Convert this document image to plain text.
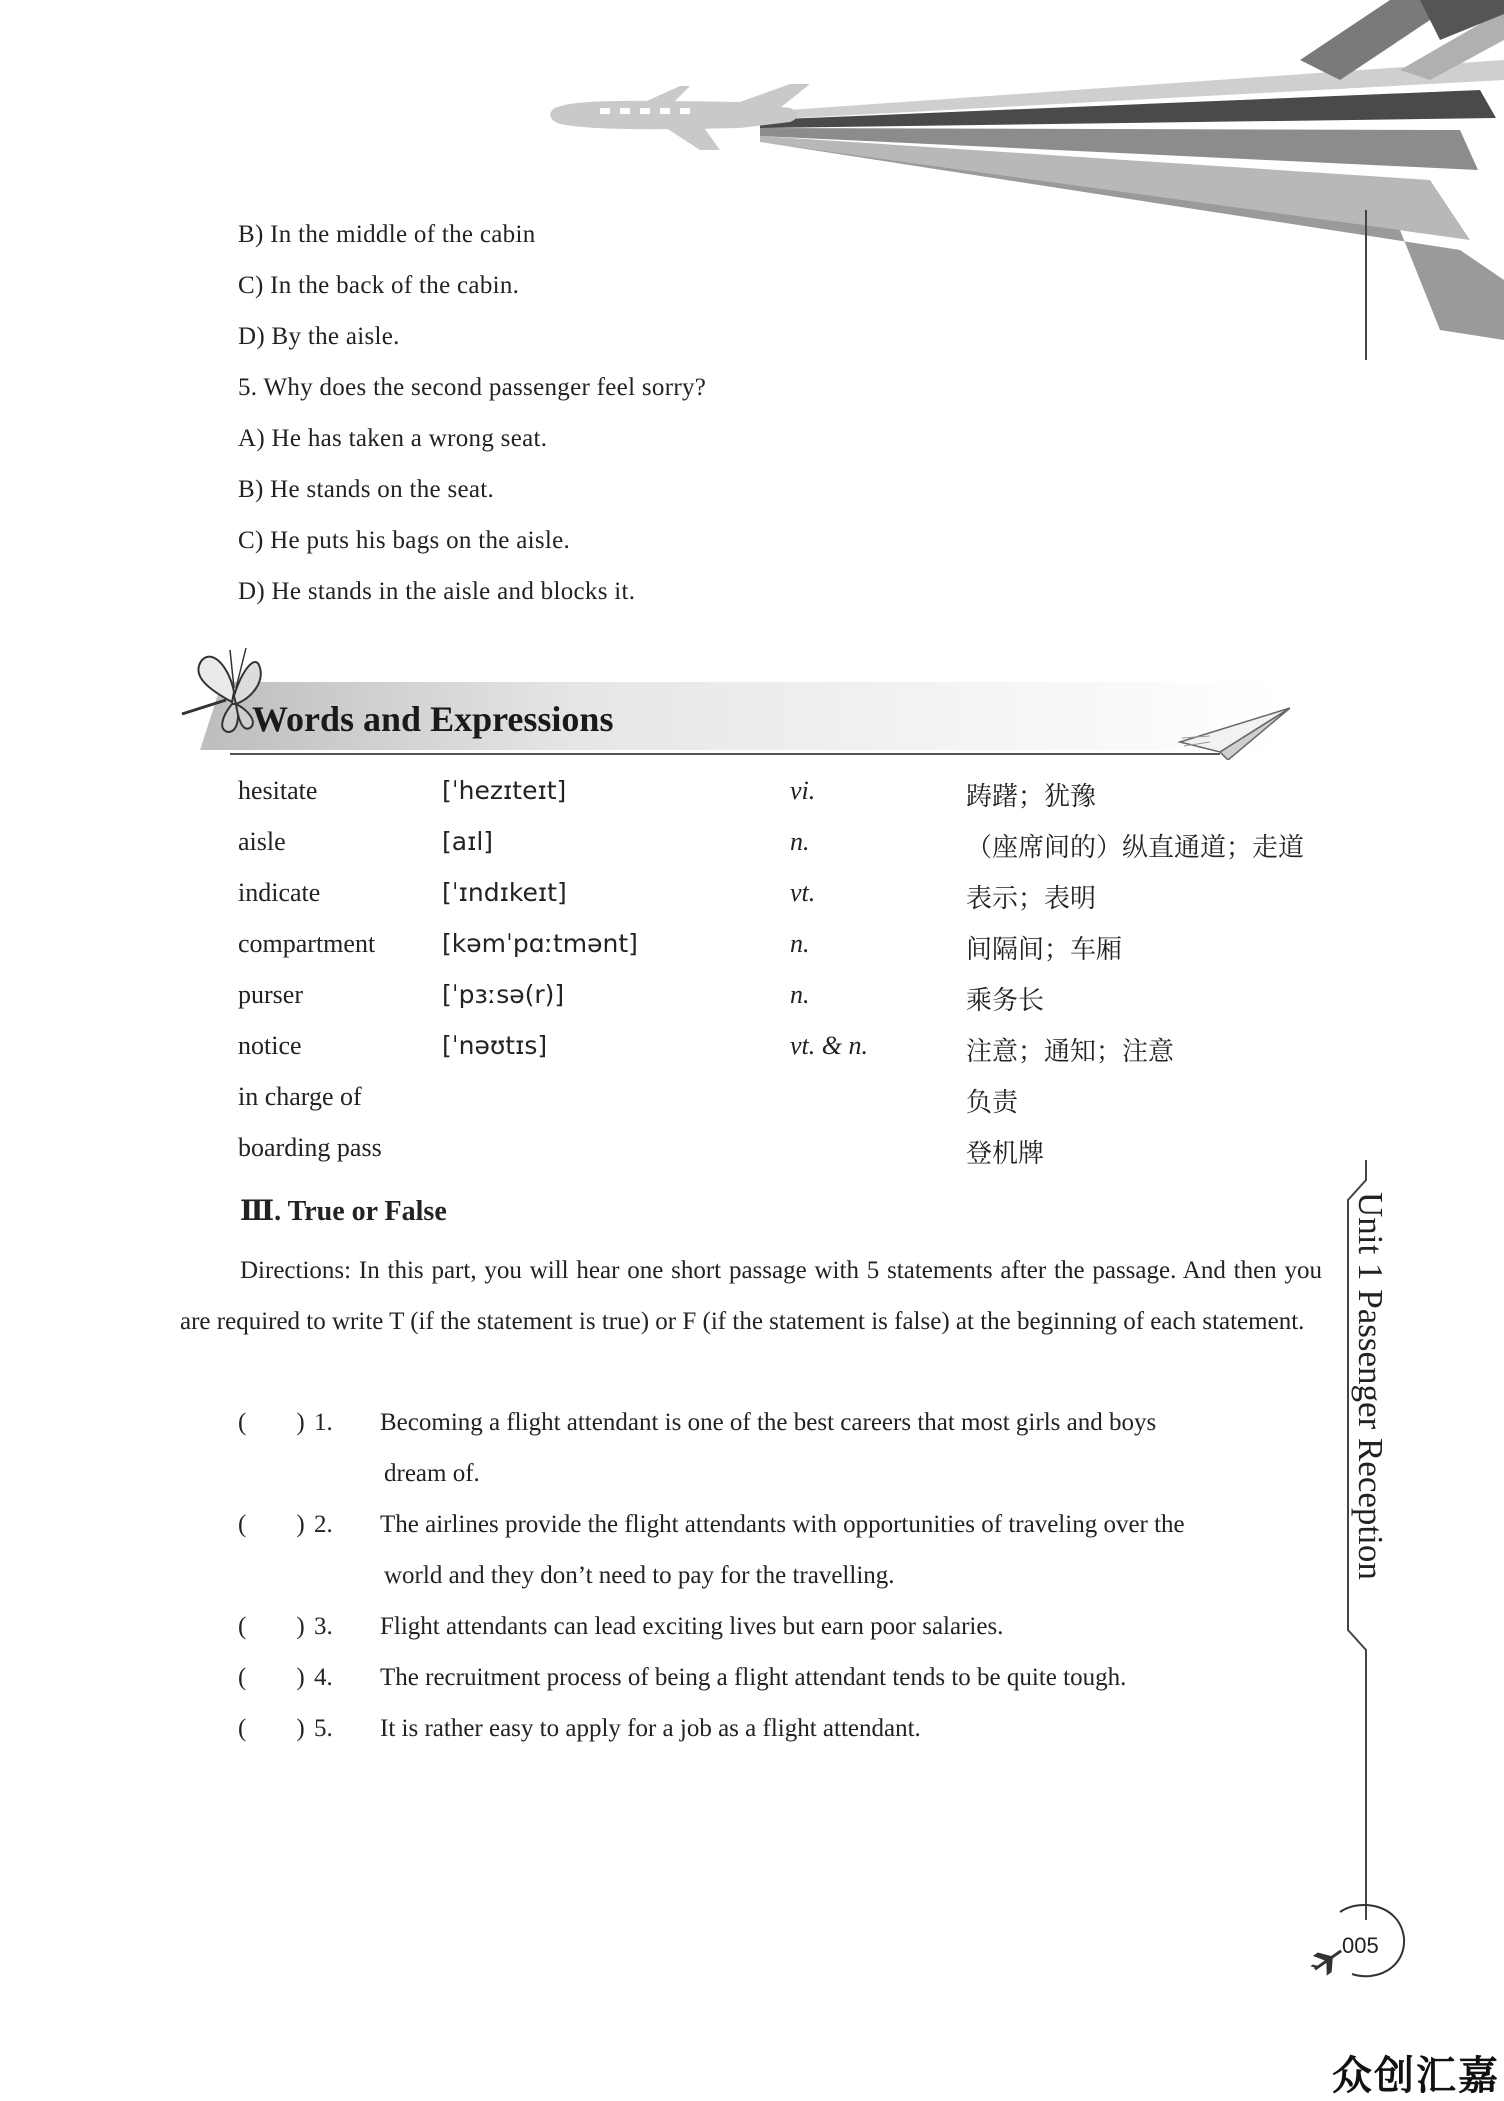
B) In the middle of the cabin
C) In the back of the cabin.
D) By the aisle.
5. Why does the second passenger feel sorry?
A) He has taken a wrong seat.
B) He stands on the seat.
C) He puts his bags on the aisle.
D) He stands in the aisle and blocks it.
Words and Expressions
hesitate	[ˈhezɪteɪt]	vi.	踌躇；犹豫
aisle	[aɪl]	n.	（座席间的）纵直通道；走道
indicate	[ˈɪndɪkeɪt]	vt.	表示；表明
compartment	[kəmˈpɑːtmənt]	n.	间隔间；车厢
purser	[ˈpɜːsə(r)]	n.	乘务长
notice	[ˈnəʊtɪs]	vt. & n.	注意；通知；注意
in charge of	负责
boarding pass	登机牌
Ⅲ. True or False
Directions: In this part, you will hear one short passage with 5 statements after the passage. And then you are required to write T (if the statement is true) or F (if the statement is false) at the beginning of each statement.
(　　) 1. Becoming a flight attendant is one of the best careers that most girls and boys
dream of.
(　　) 2. The airlines provide the flight attendants with opportunities of traveling over the
world and they don’t need to pay for the travelling.
(　　) 3. Flight attendants can lead exciting lives but earn poor salaries.
(　　) 4. The recruitment process of being a flight attendant tends to be quite tough.
(　　) 5. It is rather easy to apply for a job as a flight attendant.
Unit 1 Passenger Reception
005
众创汇嘉
